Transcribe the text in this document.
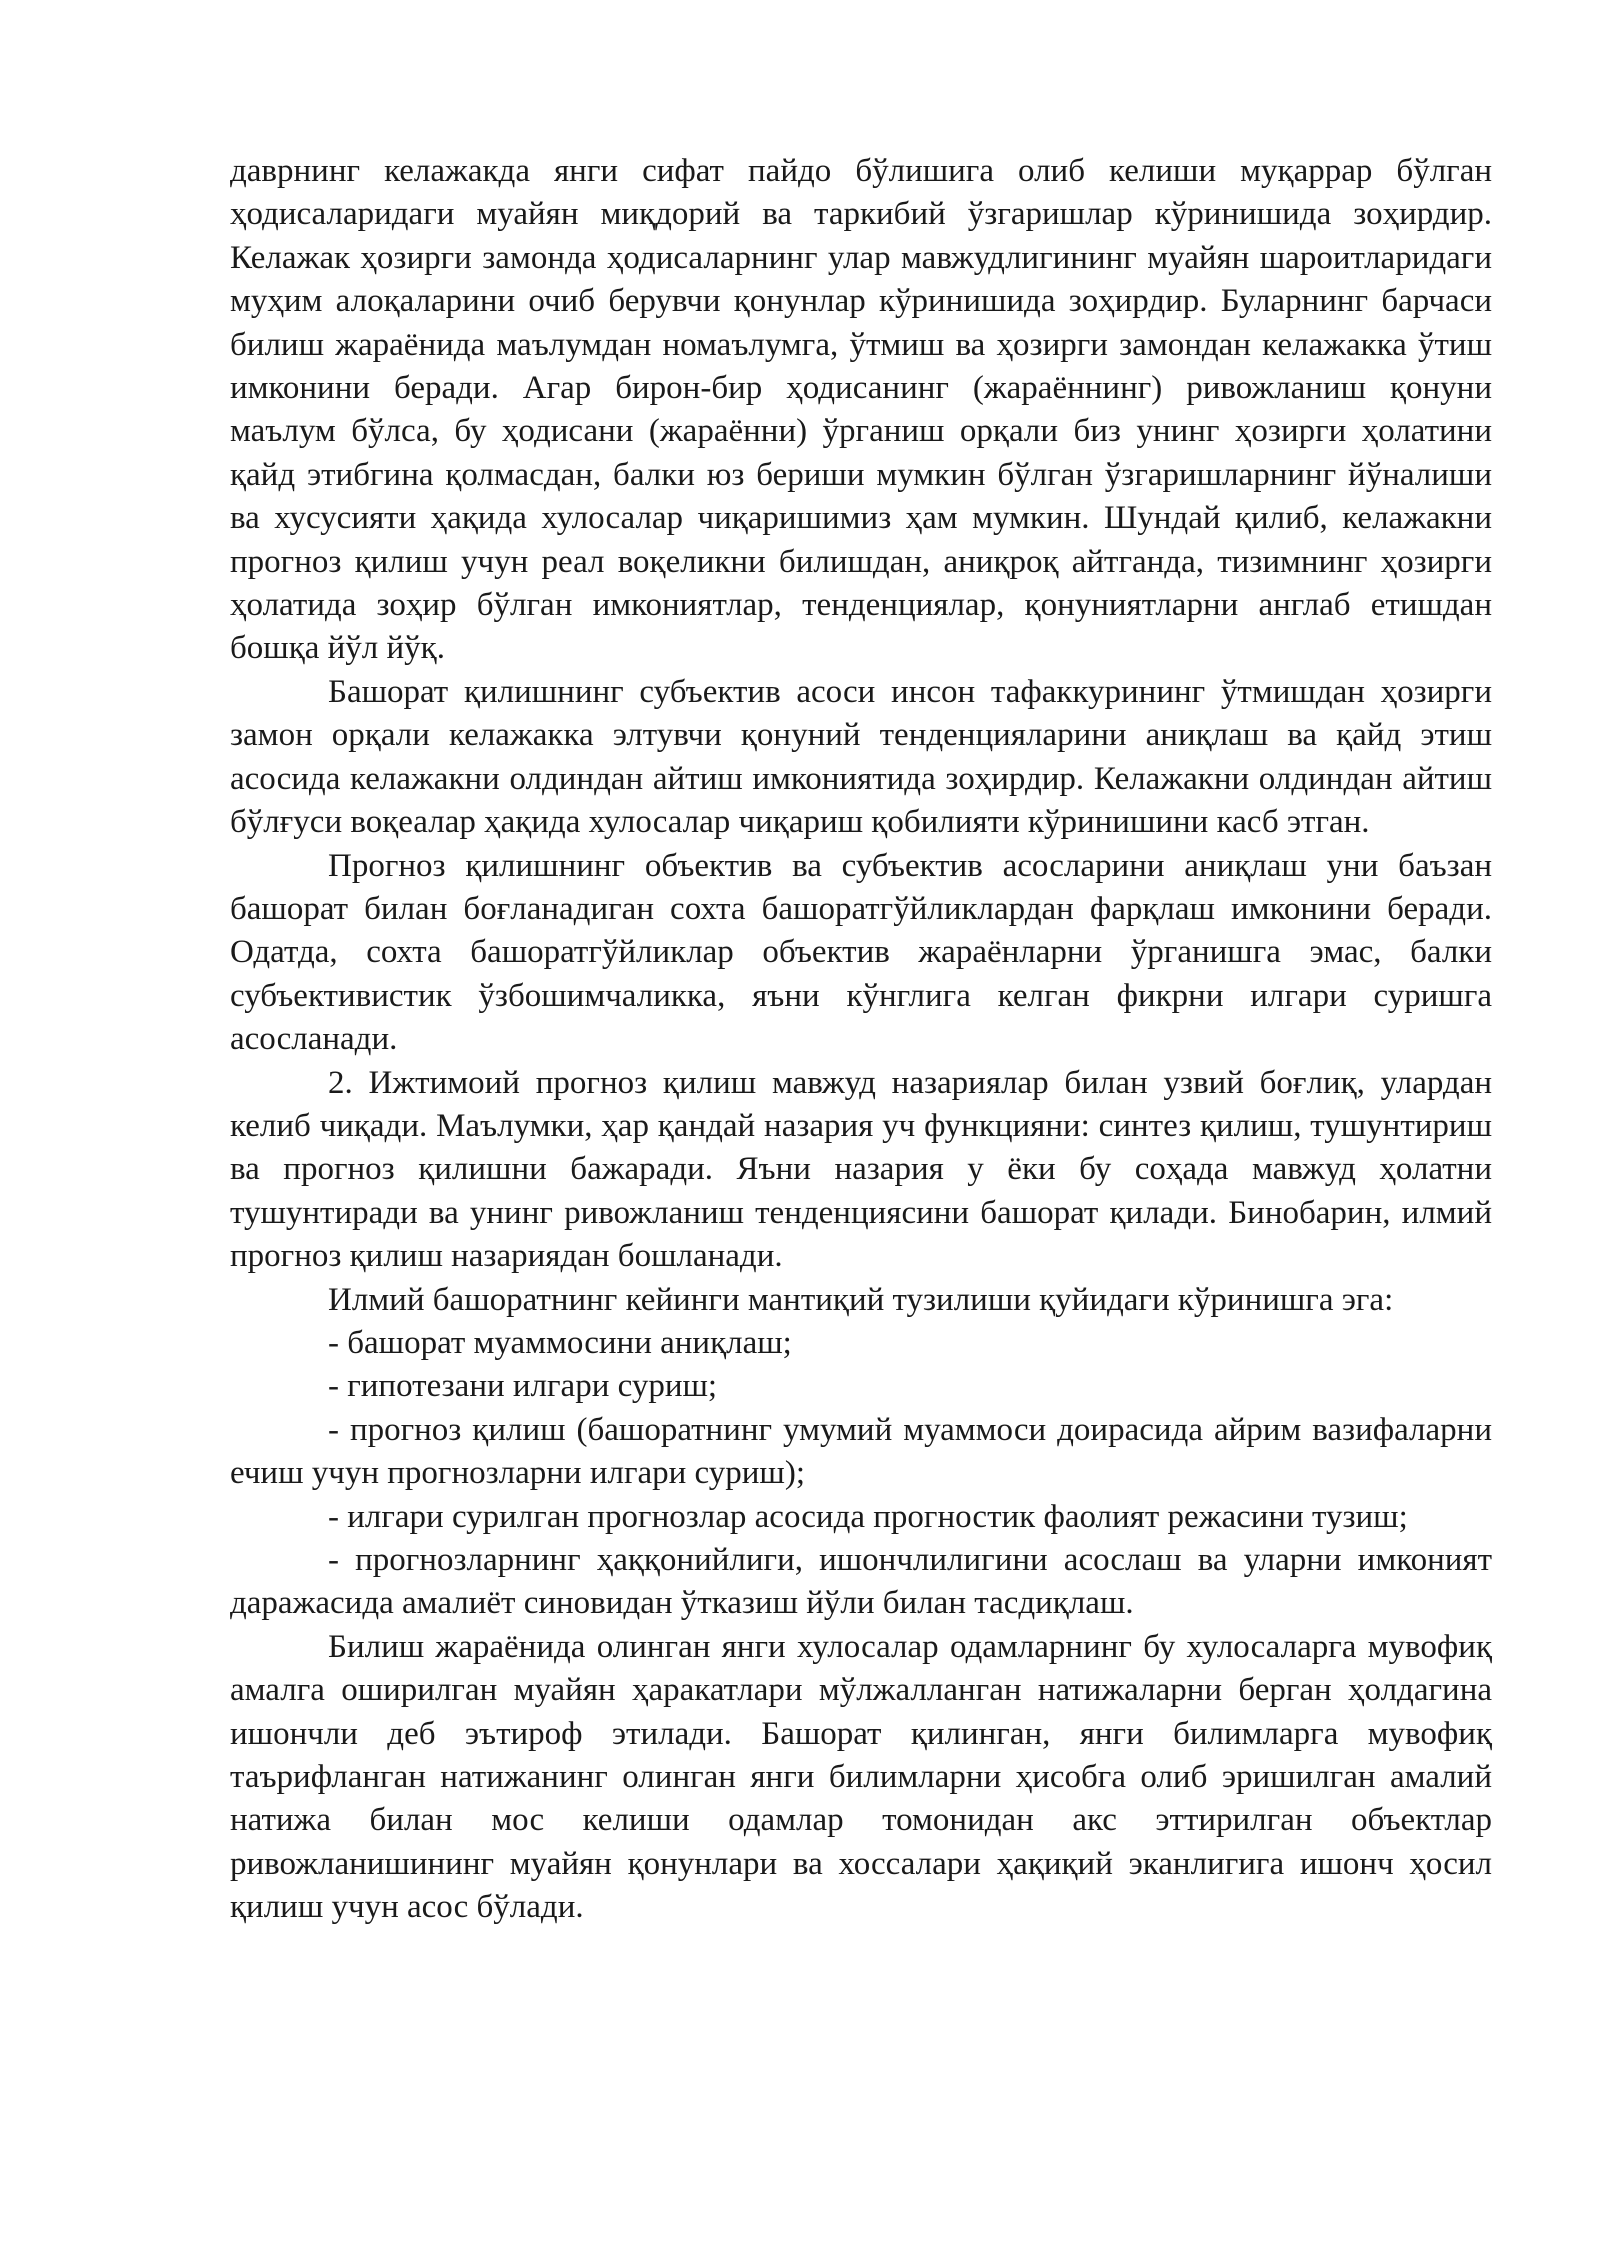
даврнинг келажакда янги сифат пайдо бўлишига олиб келиши муқаррар бўлган ҳодисаларидаги муайян миқдорий ва таркибий ўзгаришлар кўринишида зоҳирдир. Келажак ҳозирги замонда ҳодисаларнинг улар мавжудлигининг муайян шароитларидаги муҳим алоқаларини очиб берувчи қонунлар кўринишида зоҳирдир. Буларнинг барчаси билиш жараёнида маълумдан номаълумга, ўтмиш ва ҳозирги замондан келажакка ўтиш имконини беради. Агар бирон-бир ҳодисанинг (жараённинг) ривожланиш қонуни маълум бўлса, бу ҳодисани (жараённи) ўрганиш орқали биз унинг ҳозирги ҳолатини қайд этибгина қолмасдан, балки юз бериши мумкин бўлган ўзгаришларнинг йўналиши ва хусусияти ҳақида хулосалар чиқаришимиз ҳам мумкин. Шундай қилиб, келажакни прогноз қилиш учун реал воқеликни билишдан, аниқроқ айтганда, тизимнинг ҳозирги ҳолатида зоҳир бўлган имкониятлар, тенденциялар, қонуниятларни англаб етишдан бошқа йўл йўқ.

Башорат қилишнинг субъектив асоси инсон тафаккурининг ўтмишдан ҳозирги замон орқали келажакка элтувчи қонуний тенденцияларини аниқлаш ва қайд этиш асосида келажакни олдиндан айтиш имкониятида зоҳирдир. Келажакни олдиндан айтиш бўлғуси воқеалар ҳақида хулосалар чиқариш қобилияти кўринишини касб этган.

Прогноз қилишнинг объектив ва субъектив асосларини аниқлаш уни баъзан башорат билан боғланадиган сохта башоратгўйликлардан фарқлаш имконини беради. Одатда, сохта башоратгўйликлар объектив жараёнларни ўрганишга эмас, балки субъективистик ўзбошимчаликка, яъни кўнглига келган фикрни илгари суришга асосланади.

2. Ижтимоий прогноз қилиш мавжуд назариялар билан узвий боғлиқ, улардан келиб чиқади. Маълумки, ҳар қандай назария уч функцияни: синтез қилиш, тушунтириш ва прогноз қилишни бажаради. Яъни назария у ёки бу соҳада мавжуд ҳолатни тушунтиради ва унинг ривожланиш тенденциясини башорат қилади. Бинобарин, илмий прогноз қилиш назариядан бошланади.

Илмий башоратнинг кейинги мантиқий тузилиши қуйидаги кўринишга эга:

- башорат муаммосини аниқлаш;

- гипотезани илгари суриш;

- прогноз қилиш (башоратнинг умумий муаммоси доирасида айрим вазифаларни ечиш учун прогнозларни илгари суриш);

- илгари сурилган прогнозлар асосида прогностик фаолият режасини тузиш;

- прогнозларнинг ҳаққонийлиги, ишончлилигини асослаш ва уларни имконият даражасида амалиёт синовидан ўтказиш йўли билан тасдиқлаш.

Билиш жараёнида олинган янги хулосалар одамларнинг бу хулосаларга мувофиқ амалга оширилган муайян ҳаракатлари мўлжалланган натижаларни берган ҳолдагина ишончли деб эътироф этилади. Башорат қилинган, янги билимларга мувофиқ таърифланган натижанинг олинган янги билимларни ҳисобга олиб эришилган амалий натижа билан мос келиши одамлар томонидан акс эттирилган объектлар ривожланишининг муайян қонунлари ва хоссалари ҳақиқий эканлигига ишонч ҳосил қилиш учун асос бўлади.
